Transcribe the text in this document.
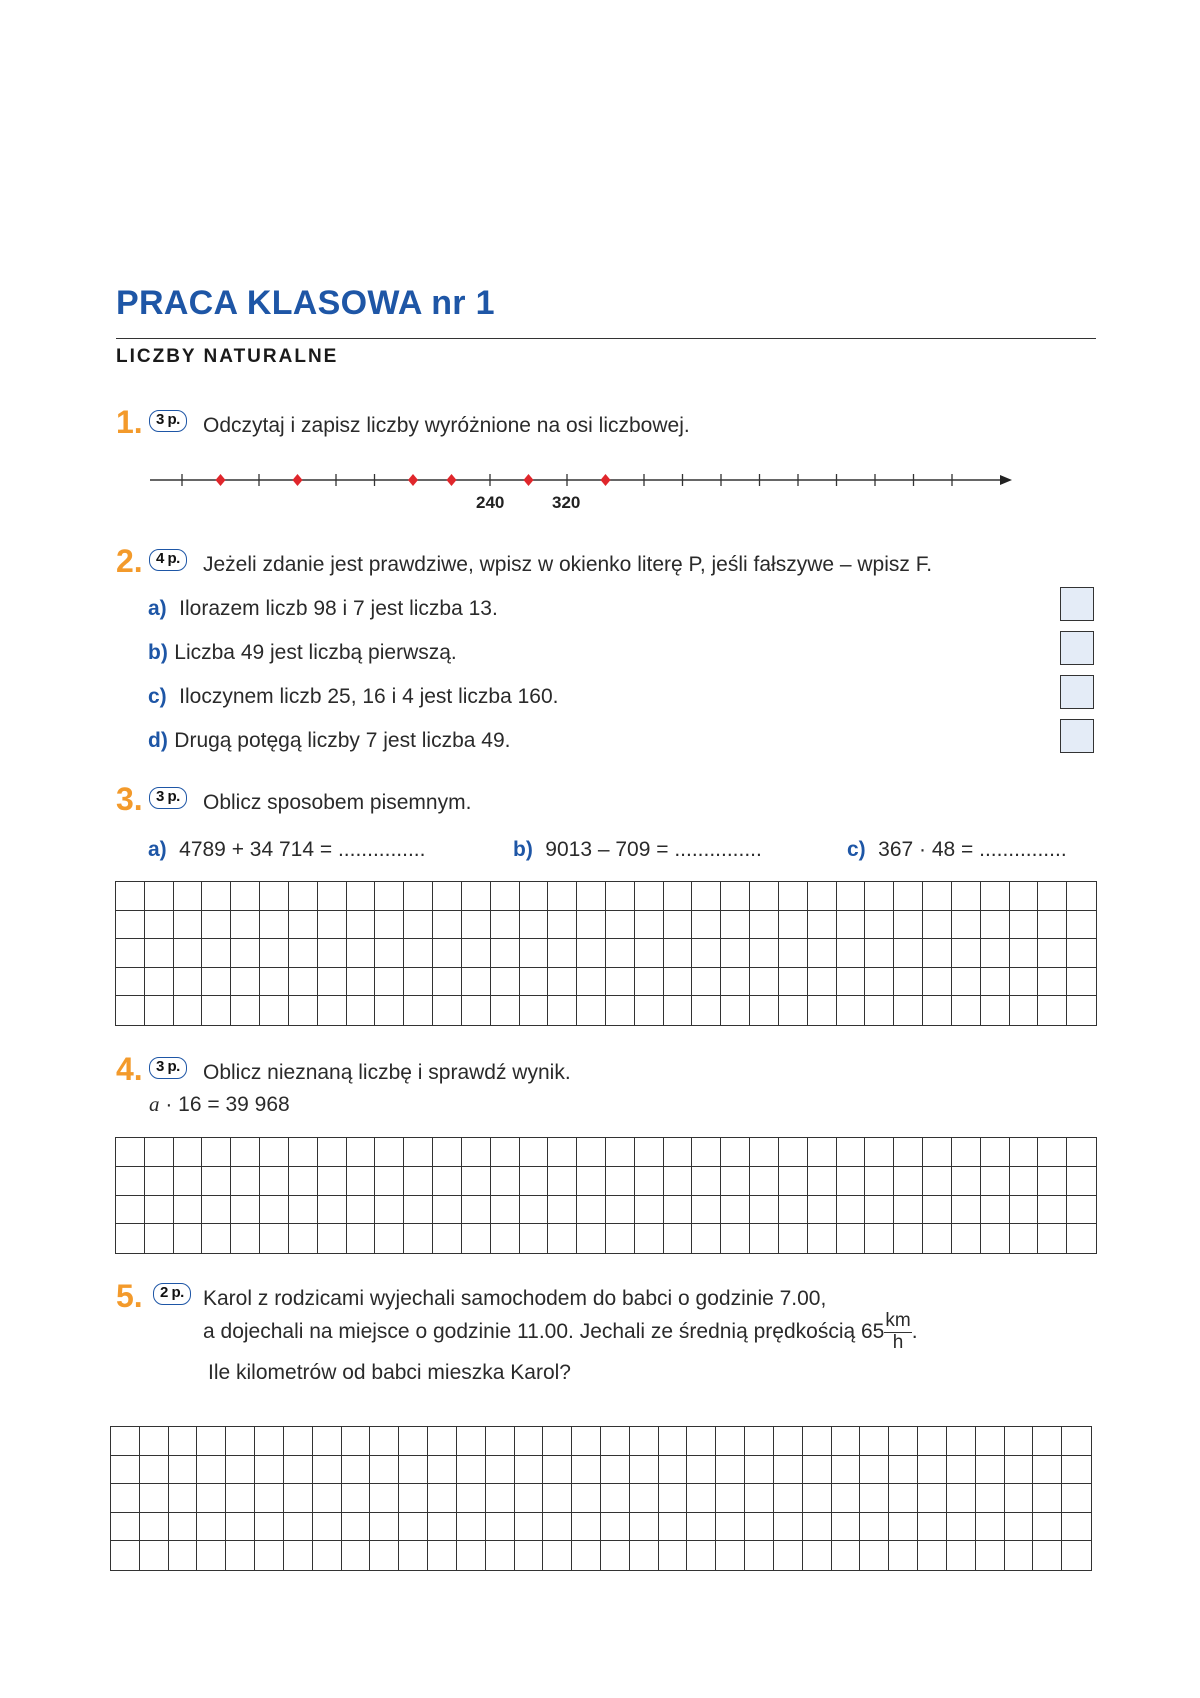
PRACA KLASOWA nr 1
LICZBY NATURALNE
1. 3 p.	Odczytaj i zapisz liczby wyróżnione na osi liczbowej.
240	320
2. 4 p.	Jeżeli zdanie jest prawdziwe, wpisz w okienko literę P, jeśli fałszywe – wpisz F.
a) Ilorazem liczb 98 i 7 jest liczba 13.
b) Liczba 49 jest liczbą pierwszą.
c) Iloczynem liczb 25, 16 i 4 jest liczba 160.
d) Drugą potęgą liczby 7 jest liczba 49.
3. 3 p.	Oblicz sposobem pisemnym.
a) 4789 + 34 714 = ...............	b) 9013 – 709 = ...............	c) 367 · 48 = ...............
4. 3 p.	Oblicz nieznaną liczbę i sprawdź wynik.
a · 16 = 39 968
5.	2 p. Karol z rodzicami wyjechali samochodem do babci o godzinie 7.00,
a dojechali na miejsce o godzinie 11.00. Jechali ze średnią prędkością $65 \frac{km}{h}$ .
Ile kilometrów od babci mieszka Karol?
